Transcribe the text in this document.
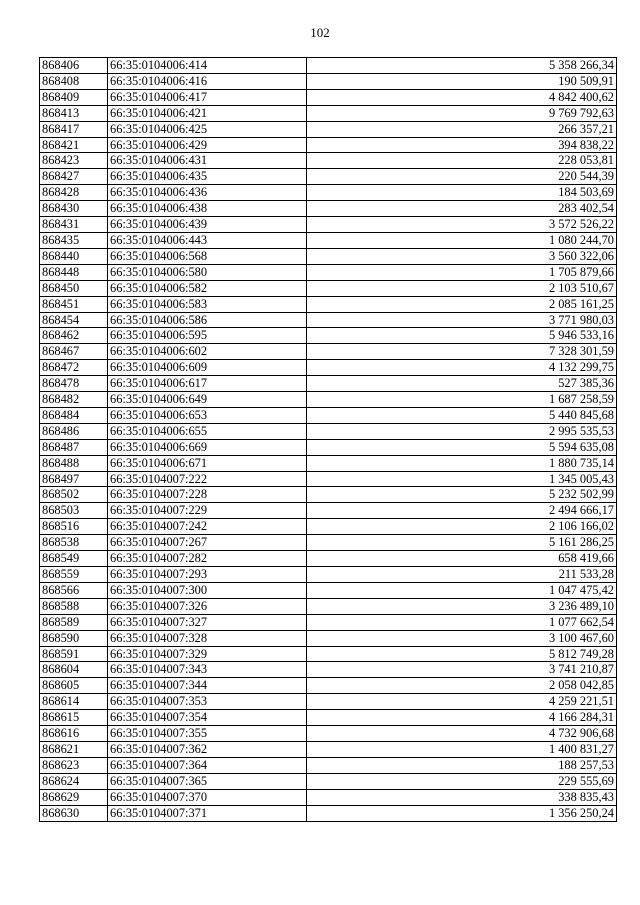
102
868406	66:35:0104006:414	5 358 266,34
868408	66:35:0104006:416	190 509,91
868409	66:35:0104006:417	4 842 400,62
868413	66:35:0104006:421	9 769 792,63
868417	66:35:0104006:425	266 357,21
868421	66:35:0104006:429	394 838,22
868423	66:35:0104006:431	228 053,81
868427	66:35:0104006:435	220 544,39
868428	66:35:0104006:436	184 503,69
868430	66:35:0104006:438	283 402,54
868431	66:35:0104006:439	3 572 526,22
868435	66:35:0104006:443	1 080 244,70
868440	66:35:0104006:568	3 560 322,06
868448	66:35:0104006:580	1 705 879,66
868450	66:35:0104006:582	2 103 510,67
868451	66:35:0104006:583	2 085 161,25
868454	66:35:0104006:586	3 771 980,03
868462	66:35:0104006:595	5 946 533,16
868467	66:35:0104006:602	7 328 301,59
868472	66:35:0104006:609	4 132 299,75
868478	66:35:0104006:617	527 385,36
868482	66:35:0104006:649	1 687 258,59
868484	66:35:0104006:653	5 440 845,68
868486	66:35:0104006:655	2 995 535,53
868487	66:35:0104006:669	5 594 635,08
868488	66:35:0104006:671	1 880 735,14
868497	66:35:0104007:222	1 345 005,43
868502	66:35:0104007:228	5 232 502,99
868503	66:35:0104007:229	2 494 666,17
868516	66:35:0104007:242	2 106 166,02
868538	66:35:0104007:267	5 161 286,25
868549	66:35:0104007:282	658 419,66
868559	66:35:0104007:293	211 533,28
868566	66:35:0104007:300	1 047 475,42
868588	66:35:0104007:326	3 236 489,10
868589	66:35:0104007:327	1 077 662,54
868590	66:35:0104007:328	3 100 467,60
868591	66:35:0104007:329	5 812 749,28
868604	66:35:0104007:343	3 741 210,87
868605	66:35:0104007:344	2 058 042,85
868614	66:35:0104007:353	4 259 221,51
868615	66:35:0104007:354	4 166 284,31
868616	66:35:0104007:355	4 732 906,68
868621	66:35:0104007:362	1 400 831,27
868623	66:35:0104007:364	188 257,53
868624	66:35:0104007:365	229 555,69
868629	66:35:0104007:370	338 835,43
868630	66:35:0104007:371	1 356 250,24
